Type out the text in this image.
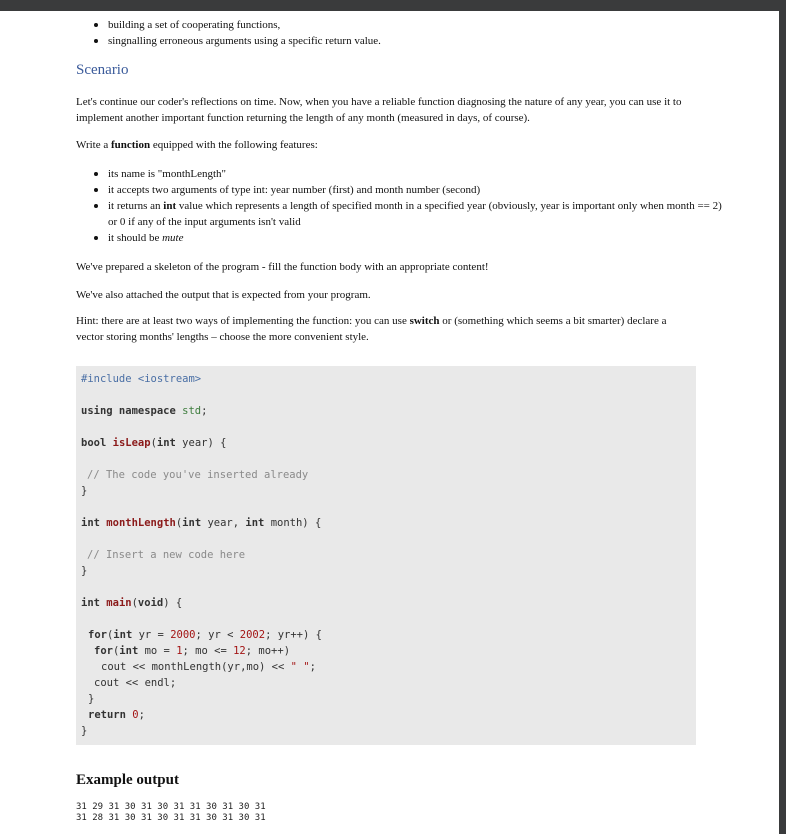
building a set of cooperating functions,
singnalling erroneous arguments using a specific return value.
Scenario

Let's continue our coder's reflections on time. Now, when you have a reliable function diagnosing the nature of any year, you can use it to implement another important function returning the length of any month (measured in days, of course).

Write a function equipped with the following features:

its name is "monthLength"
it accepts two arguments of type int: year number (first) and month number (second)
it returns an int value which represents a length of specified month in a specified year (obviously, year is important only when month == 2) or 0 if any of the input arguments isn't valid
it should be mute

We've prepared a skeleton of the program - fill the function body with an appropriate content!

We've also attached the output that is expected from your program.

Hint: there are at least two ways of implementing the function: you can use switch or (something which seems a bit smarter) declare a vector storing months' lengths – choose the more convenient style.

#include <iostream>
using namespace std;
bool isLeap(int year) {
// The code you've inserted already
}
int monthLength(int year, int month) {
// Insert a new code here
}
int main(void) {
for(int yr = 2000; yr < 2002; yr++) {
for(int mo = 1; mo <= 12; mo++)
cout << monthLength(yr,mo) << " ";
cout << endl;
}
return 0;
}
Example output
31 29 31 30 31 30 31 31 30 31 30 31
31 28 31 30 31 30 31 31 30 31 30 31
